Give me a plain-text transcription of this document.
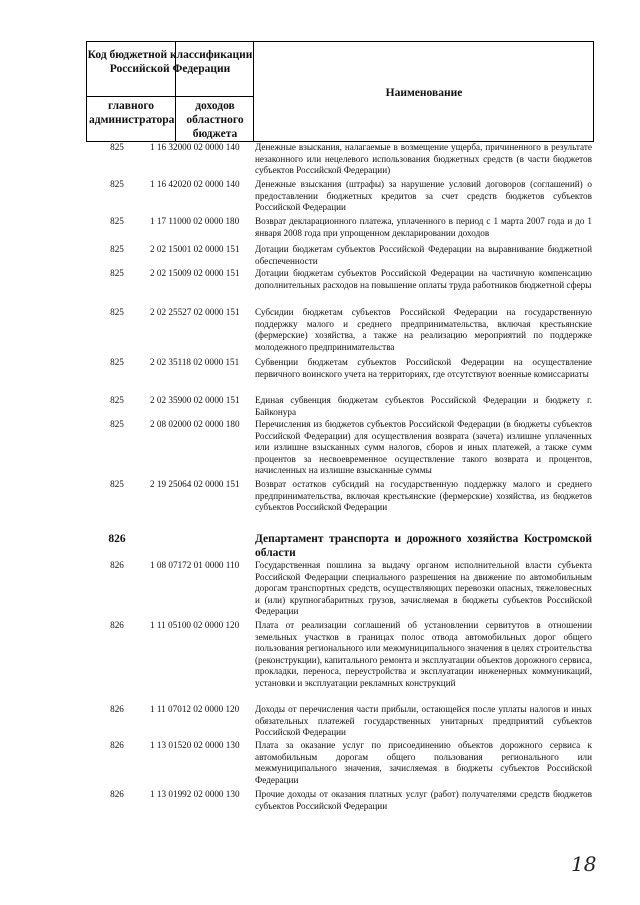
Код бюджетной классификации Российской Федерации
главного администратора
доходов областного бюджета
Наименование
825	1 16 32000 02 0000 140	Денежные взыскания, налагаемые в возмещение ущерба, причиненного в результате незаконного или нецелевого использования бюджетных средств (в части бюджетов субъектов Российской Федерации)
825	1 16 42020 02 0000 140	Денежные взыскания (штрафы) за нарушение условий договоров (соглашений) о предоставлении бюджетных кредитов за счет средств бюджетов субъектов Российской Федерации
825	1 17 11000 02 0000 180	Возврат декларационного платежа, уплаченного в период с 1 марта 2007 года и до 1 января 2008 года при упрощенном декларировании доходов
825	2 02 15001 02 0000 151	Дотации бюджетам субъектов Российской Федерации на выравнивание бюджетной обеспеченности
825	2 02 15009 02 0000 151	Дотации бюджетам субъектов Российской Федерации на частичную компенсацию дополнительных расходов на повышение оплаты труда работников бюджетной сферы
825	2 02 25527 02 0000 151	Субсидии бюджетам субъектов Российской Федерации на государственную поддержку малого и среднего предпринимательства, включая крестьянские (фермерские) хозяйства, а также на реализацию мероприятий по поддержке молодежного предпринимательства
825	2 02 35118 02 0000 151	Субвенции бюджетам субъектов Российской Федерации на осуществление первичного воинского учета на территориях, где отсутствуют военные комиссариаты
825	2 02 35900 02 0000 151	Единая субвенция бюджетам субъектов Российской Федерации и бюджету г. Байконура
825	2 08 02000 02 0000 180	Перечисления из бюджетов субъектов Российской Федерации (в бюджеты субъектов Российской Федерации) для осуществления возврата (зачета) излишне уплаченных или излишне взысканных сумм налогов, сборов и иных платежей, а также сумм процентов за несвоевременное осуществление такого возврата и процентов, начисленных на излишне взысканные суммы
825	2 19 25064 02 0000 151	Возврат остатков субсидий на государственную поддержку малого и среднего предпринимательства, включая крестьянские (фермерские) хозяйства, из бюджетов субъектов Российской Федерации
826	Департамент транспорта и дорожного хозяйства Костромской области
826	1 08 07172 01 0000 110	Государственная пошлина за выдачу органом исполнительной власти субъекта Российской Федерации специального разрешения на движение по автомобильным дорогам транспортных средств, осуществляющих перевозки опасных, тяжеловесных и (или) крупногабаритных грузов, зачисляемая в бюджеты субъектов Российской Федерации
826	1 11 05100 02 0000 120	Плата от реализации соглашений об установлении сервитутов в отношении земельных участков в границах полос отвода автомобильных дорог общего пользования регионального или межмуниципального значения в целях строительства (реконструкции), капитального ремонта и эксплуатации объектов дорожного сервиса, прокладки, переноса, переустройства и эксплуатации инженерных коммуникаций, установки и эксплуатации рекламных конструкций
826	1 11 07012 02 0000 120	Доходы от перечисления части прибыли, остающейся после уплаты налогов и иных обязательных платежей государственных унитарных предприятий субъектов Российской Федерации
826	1 13 01520 02 0000 130	Плата за оказание услуг по присоединению объектов дорожного сервиса к автомобильным дорогам общего пользования регионального или межмуниципального значения, зачисляемая в бюджеты субъектов Российской Федерации
826	1 13 01992 02 0000 130	Прочие доходы от оказания платных услуг (работ) получателями средств бюджетов субъектов Российской Федерации
18
